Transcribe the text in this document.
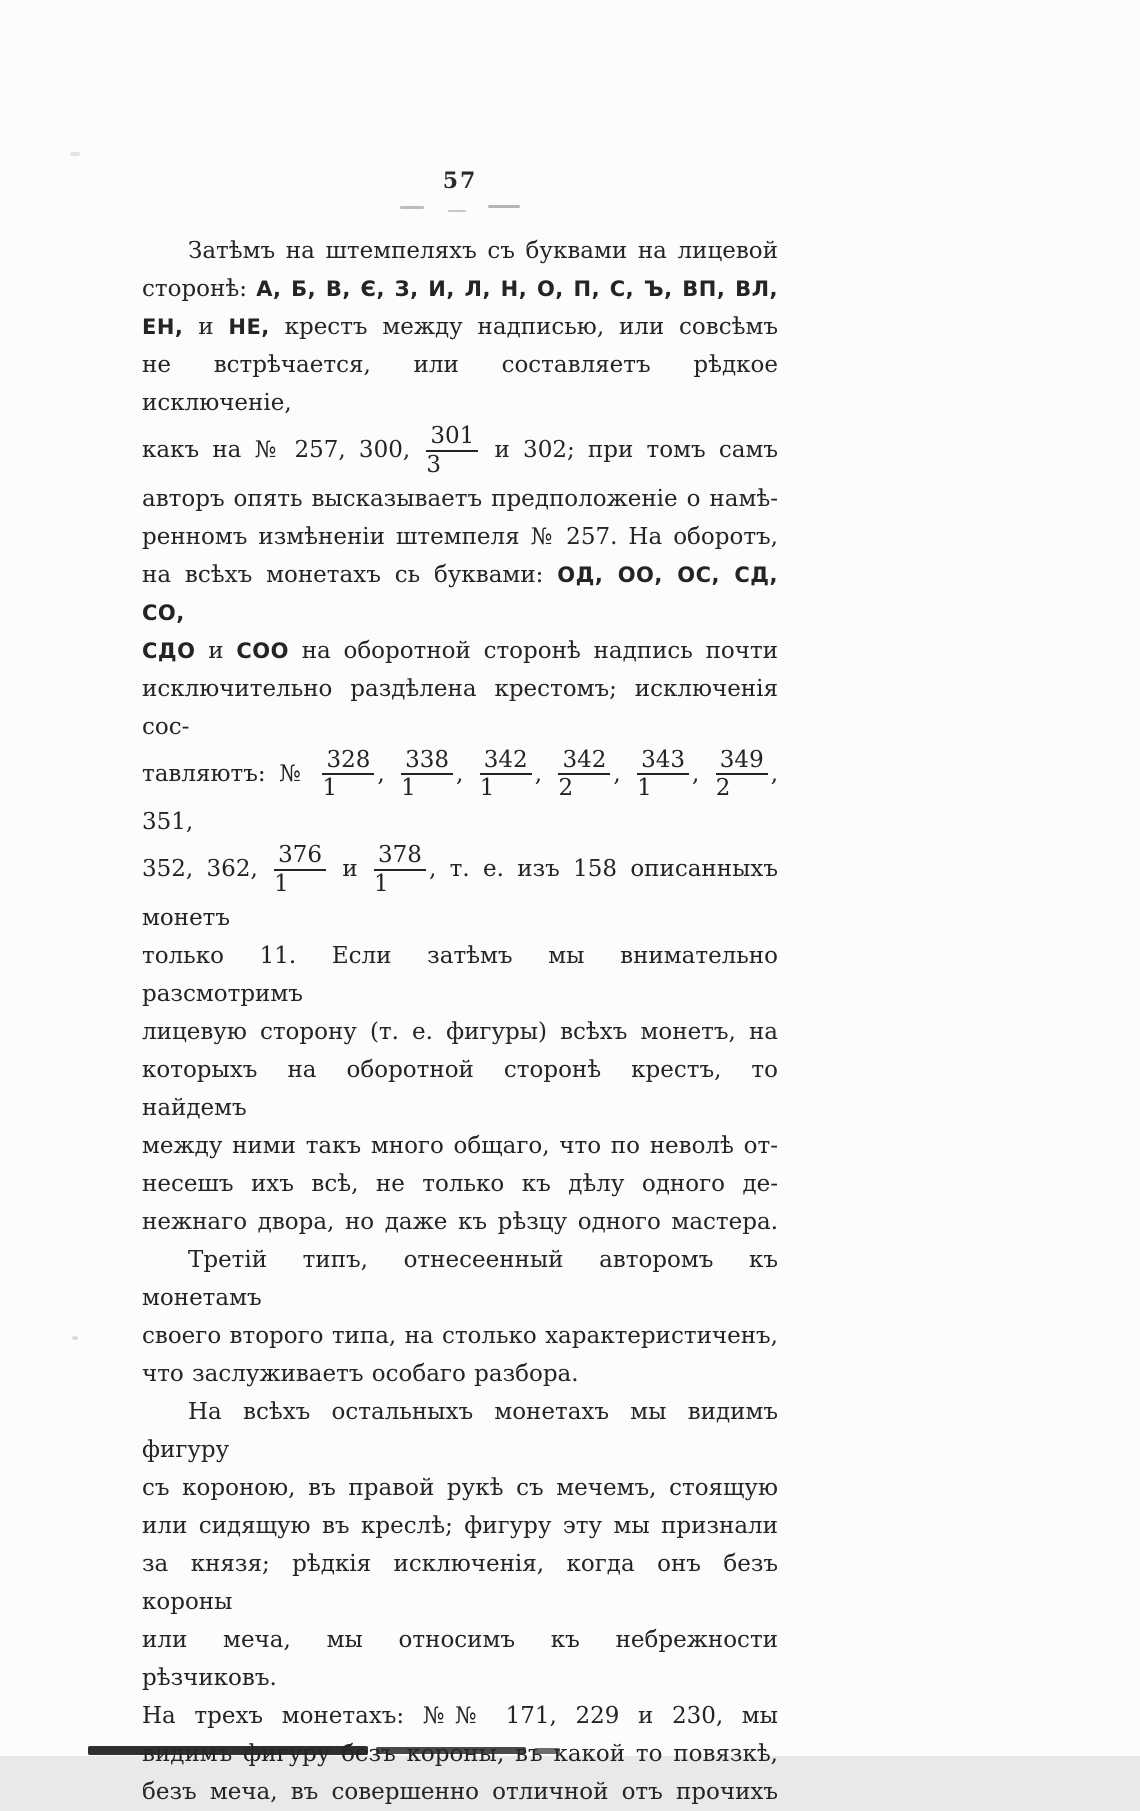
57
Затѣмъ на штемпеляхъ съ буквами на лицевой
сторонѣ: А, Б, В, Є, З, И, Л, Н, О, П, С, Ъ, ВП, ВЛ,
ЕН, и НЕ, крестъ между надписью, или совсѣмъ
не встрѣчается, или составляетъ рѣдкое исключеніе,
какъ на № 257, 300, $\frac{301}{3}$ и 302; при томъ самъ
авторъ опять высказываетъ предположеніе о намѣ-
ренномъ измѣненіи штемпеля № 257. На оборотъ,
на всѣхъ монетахъ сь буквами: ОД, ОО, ОС, СД, СО,
СДО и СОО на оборотной сторонѣ надпись почти
исключительно раздѣлена крестомъ; исключенія сос-
тавляютъ: № $\frac{328}{1}$ , $\frac{338}{1}$ , $\frac{342}{1}$ , $\frac{342}{2}$ , $\frac{343}{1}$ , $\frac{349}{2}$ , 351,
352, 362, $\frac{376}{1}$ и $\frac{378}{1}$ , т. е. изъ 158 описанныхъ монетъ
только 11. Если затѣмъ мы внимательно разсмотримъ
лицевую сторону (т. е. фигуры) всѣхъ монетъ, на
которыхъ на оборотной сторонѣ крестъ, то найдемъ
между ними такъ много общаго, что по неволѣ от-
несешъ ихъ всѣ, не только къ дѣлу одного де-
нежнаго двора, но даже къ рѣзцу одного мастера.
Третій типъ, отнесеенный авторомъ къ монетамъ
своего второго типа, на столько характеристиченъ,
что заслуживаетъ особаго разбора.
На всѣхъ остальныхъ монетахъ мы видимъ фигуру
съ короною, въ правой рукѣ съ мечемъ, стоящую
или сидящую въ креслѣ; фигуру эту мы признали
за князя; рѣдкія исключенія, когда онъ безъ короны
или меча, мы относимъ къ небрежности рѣзчиковъ.
На трехъ монетахъ: №№ 171, 229 и 230, мы
видимъ фигуру безъ короны, въ какой то повязкѣ,
безъ меча, въ совершенно отличной отъ прочихъ
